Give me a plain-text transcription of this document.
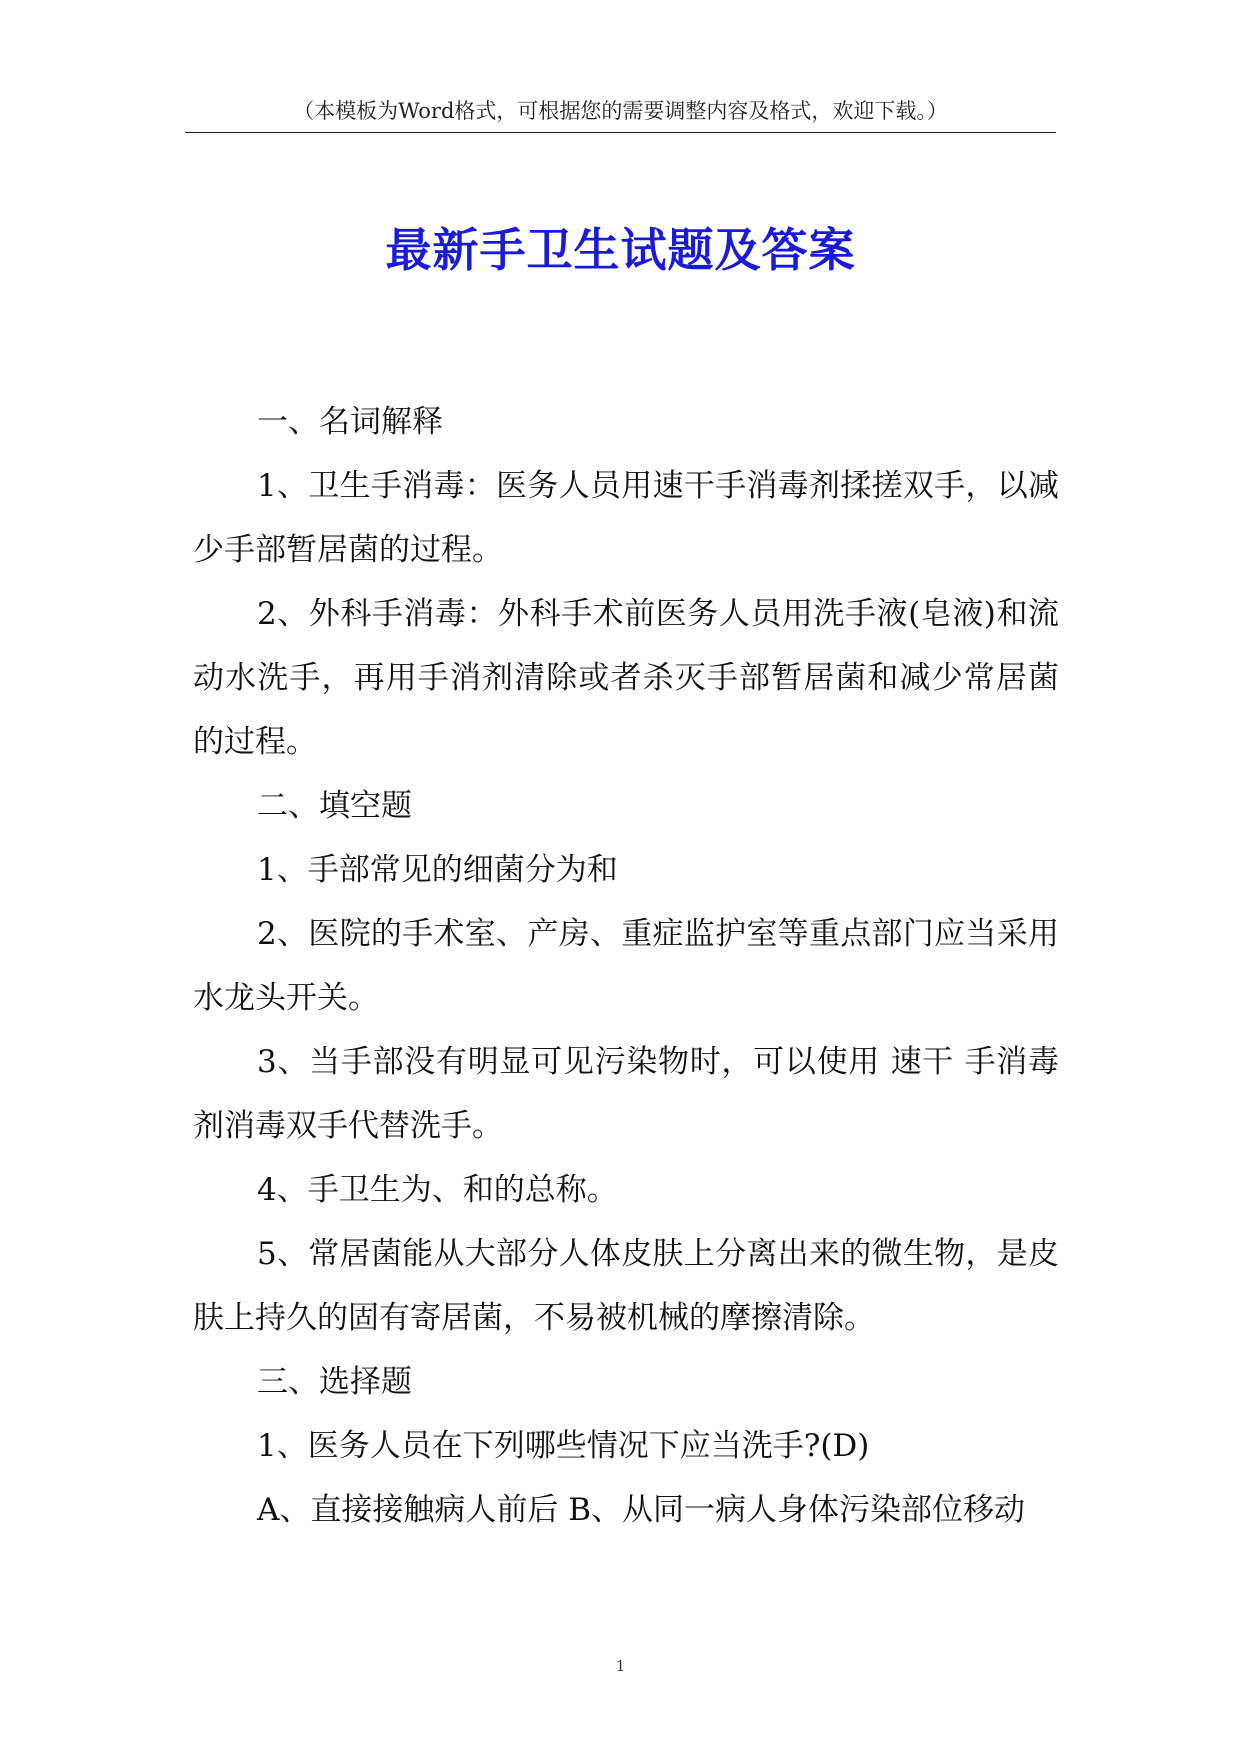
（本模板为Word格式，可根据您的需要调整内容及格式，欢迎下载。）
最新手卫生试题及答案

一、名词解释

1、卫生手消毒：医务人员用速干手消毒剂揉搓双手，以减少手部暂居菌的过程。

2、外科手消毒：外科手术前医务人员用洗手液(皂液)和流动水洗手，再用手消剂清除或者杀灭手部暂居菌和减少常居菌的过程。

二、填空题

1、手部常见的细菌分为和

2、医院的手术室、产房、重症监护室等重点部门应当采用水龙头开关。

3、当手部没有明显可见污染物时，可以使用 速干 手消毒剂消毒双手代替洗手。

4、手卫生为、和的总称。

5、常居菌能从大部分人体皮肤上分离出来的微生物，是皮肤上持久的固有寄居菌，不易被机械的摩擦清除。

三、选择题

1、医务人员在下列哪些情况下应当洗手?(D)

A、直接接触病人前后 B、从同一病人身体污染部位移动

1
